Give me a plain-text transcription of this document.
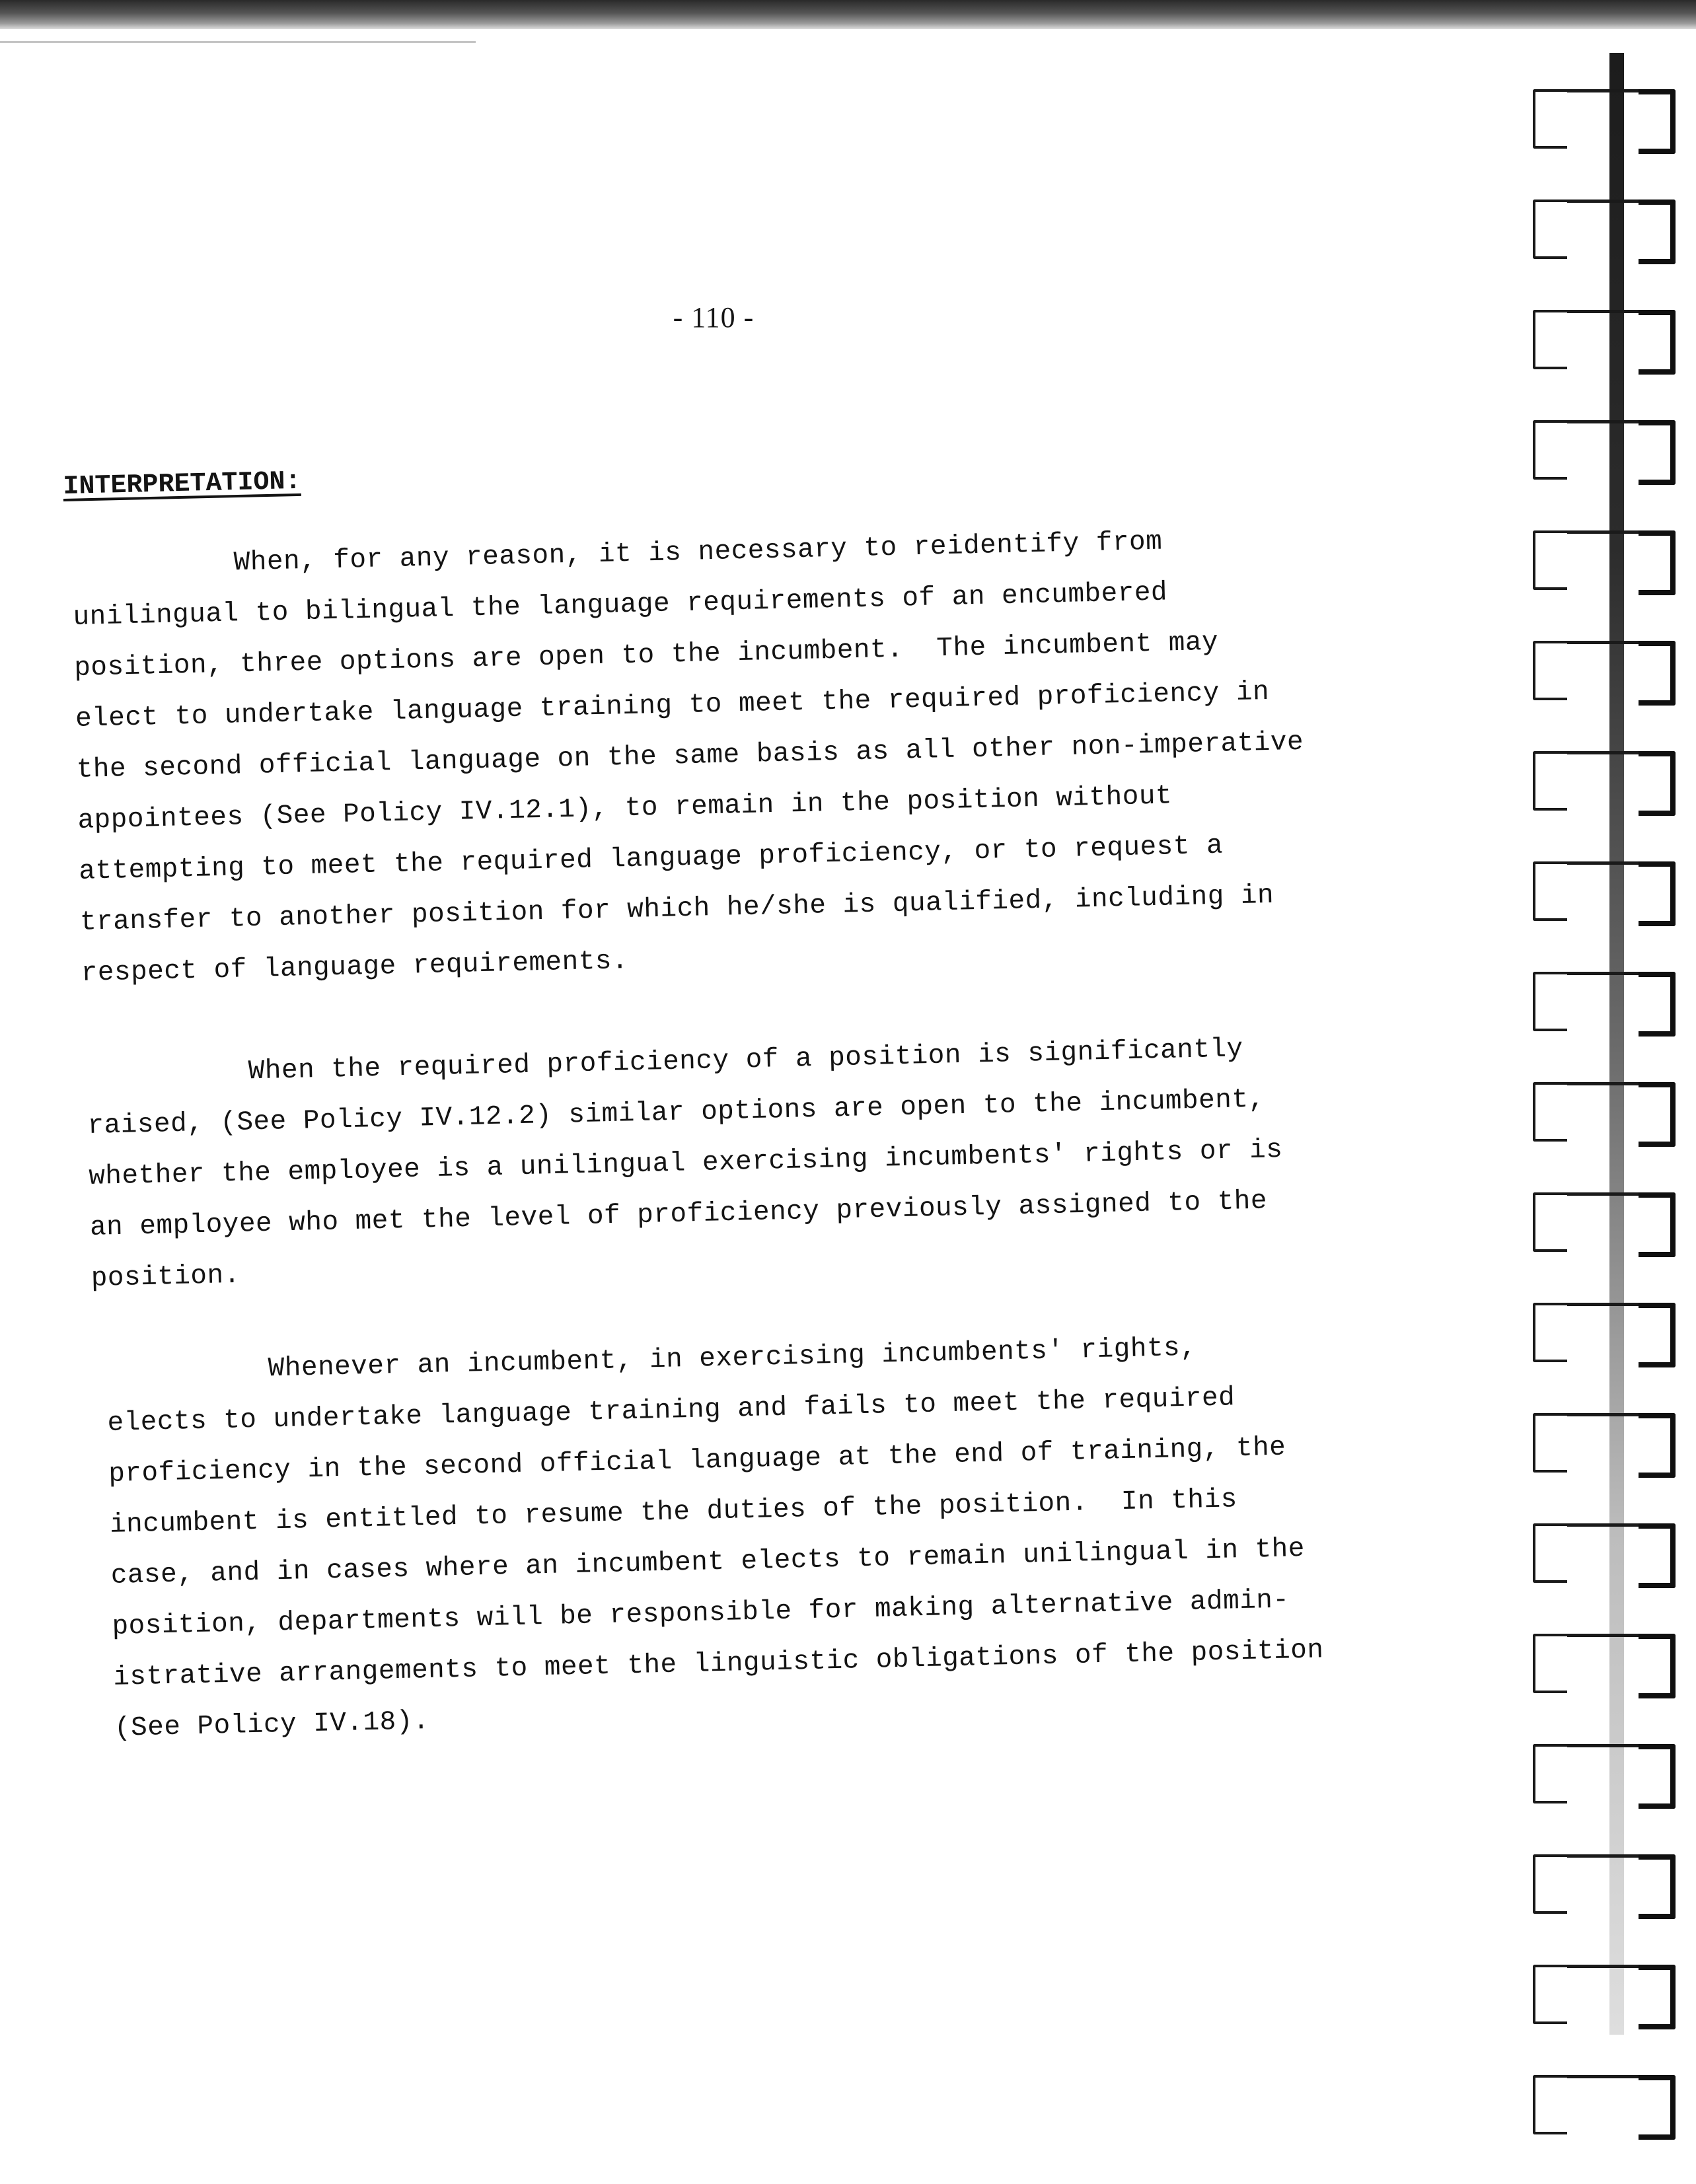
- 110 -
INTERPRETATION:
When, for any reason, it is necessary to reidentify from
unilingual to bilingual the language requirements of an encumbered
position, three options are open to the incumbent.  The incumbent may
elect to undertake language training to meet the required proficiency in
the second official language on the same basis as all other non-imperative
appointees (See Policy IV.12.1), to remain in the position without
attempting to meet the required language proficiency, or to request a
transfer to another position for which he/she is qualified, including in
respect of language requirements.
When the required proficiency of a position is significantly
raised, (See Policy IV.12.2) similar options are open to the incumbent,
whether the employee is a unilingual exercising incumbents' rights or is
an employee who met the level of proficiency previously assigned to the
position.
Whenever an incumbent, in exercising incumbents' rights,
elects to undertake language training and fails to meet the required
proficiency in the second official language at the end of training, the
incumbent is entitled to resume the duties of the position.  In this
case, and in cases where an incumbent elects to remain unilingual in the
position, departments will be responsible for making alternative admin-
istrative arrangements to meet the linguistic obligations of the position
(See Policy IV.18).
